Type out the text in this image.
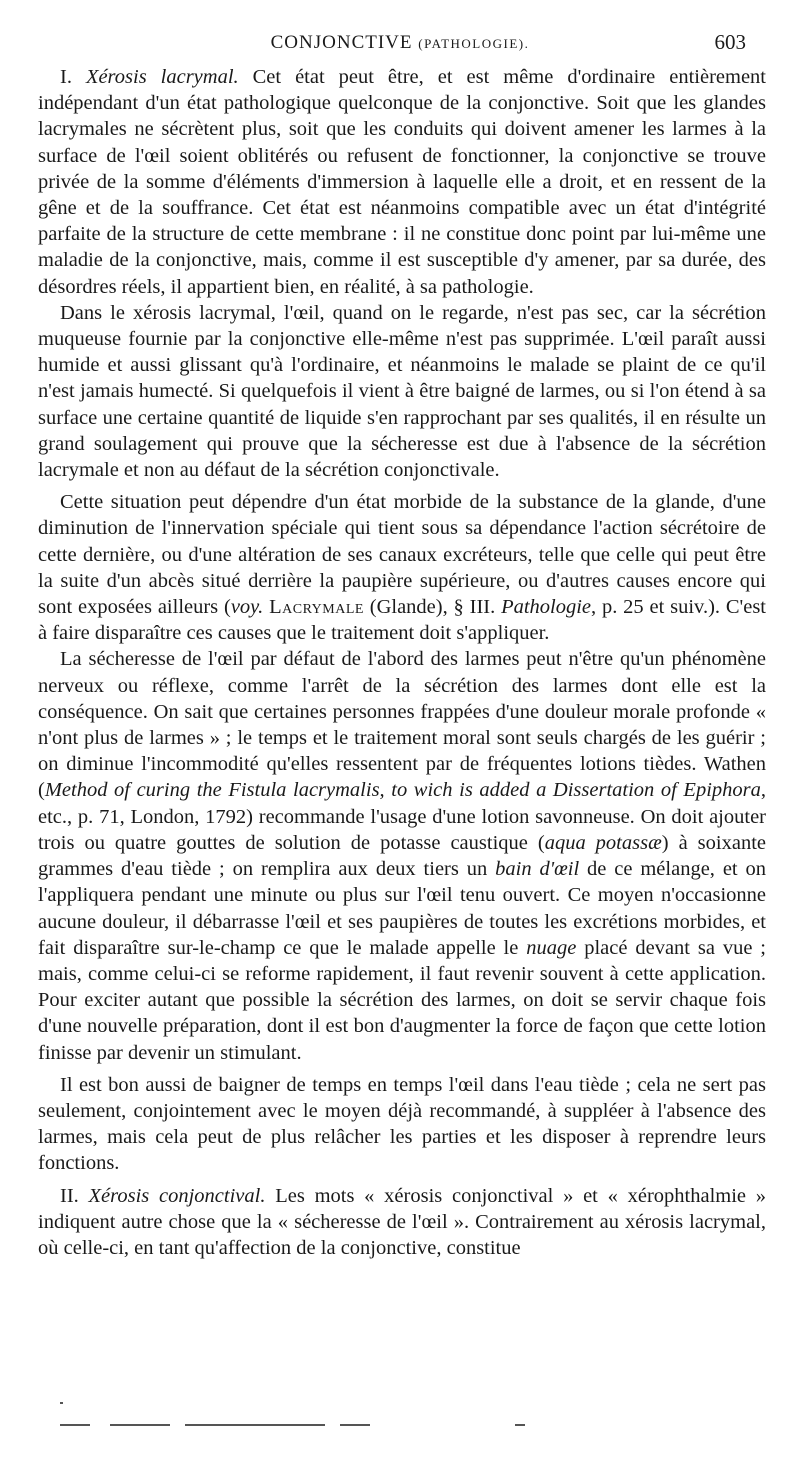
CONJONCTIVE (PATHOLOGIE).	603

I. Xérosis lacrymal. Cet état peut être, et est même d'ordinaire entièrement indépendant d'un état pathologique quelconque de la conjonctive. Soit que les glandes lacrymales ne sécrètent plus, soit que les conduits qui doivent amener les larmes à la surface de l'œil soient oblitérés ou refusent de fonctionner, la conjonctive se trouve privée de la somme d'éléments d'immersion à laquelle elle a droit, et en ressent de la gêne et de la souffrance. Cet état est néanmoins compatible avec un état d'intégrité parfaite de la structure de cette membrane : il ne constitue donc point par lui-même une maladie de la conjonctive, mais, comme il est susceptible d'y amener, par sa durée, des désordres réels, il appartient bien, en réalité, à sa pathologie.

Dans le xérosis lacrymal, l'œil, quand on le regarde, n'est pas sec, car la sécrétion muqueuse fournie par la conjonctive elle-même n'est pas supprimée. L'œil paraît aussi humide et aussi glissant qu'à l'ordinaire, et néanmoins le malade se plaint de ce qu'il n'est jamais humecté. Si quelquefois il vient à être baigné de larmes, ou si l'on étend à sa surface une certaine quantité de liquide s'en rapprochant par ses qualités, il en résulte un grand soulagement qui prouve que la sécheresse est due à l'absence de la sécrétion lacrymale et non au défaut de la sécrétion conjonctivale.

Cette situation peut dépendre d'un état morbide de la substance de la glande, d'une diminution de l'innervation spéciale qui tient sous sa dépendance l'action sécrétoire de cette dernière, ou d'une altération de ses canaux excréteurs, telle que celle qui peut être la suite d'un abcès situé derrière la paupière supérieure, ou d'autres causes encore qui sont exposées ailleurs (voy. Lacrymale (Glande), § III. Pathologie, p. 25 et suiv.). C'est à faire disparaître ces causes que le traitement doit s'appliquer.

La sécheresse de l'œil par défaut de l'abord des larmes peut n'être qu'un phénomène nerveux ou réflexe, comme l'arrêt de la sécrétion des larmes dont elle est la conséquence. On sait que certaines personnes frappées d'une douleur morale profonde « n'ont plus de larmes » ; le temps et le traitement moral sont seuls chargés de les guérir ; on diminue l'incommodité qu'elles ressentent par de fréquentes lotions tièdes. Wathen (Method of curing the Fistula lacrymalis, to wich is added a Dissertation of Epiphora, etc., p. 71, London, 1792) recommande l'usage d'une lotion savonneuse. On doit ajouter trois ou quatre gouttes de solution de potasse caustique (aqua potassæ) à soixante grammes d'eau tiède ; on remplira aux deux tiers un bain d'œil de ce mélange, et on l'appliquera pendant une minute ou plus sur l'œil tenu ouvert. Ce moyen n'occasionne aucune douleur, il débarrasse l'œil et ses paupières de toutes les excrétions morbides, et fait disparaître sur-le-champ ce que le malade appelle le nuage placé devant sa vue ; mais, comme celui-ci se reforme rapidement, il faut revenir souvent à cette application. Pour exciter autant que possible la sécrétion des larmes, on doit se servir chaque fois d'une nouvelle préparation, dont il est bon d'augmenter la force de façon que cette lotion finisse par devenir un stimulant.

Il est bon aussi de baigner de temps en temps l'œil dans l'eau tiède ; cela ne sert pas seulement, conjointement avec le moyen déjà recommandé, à suppléer à l'absence des larmes, mais cela peut de plus relâcher les parties et les disposer à reprendre leurs fonctions.

II. Xérosis conjonctival. Les mots « xérosis conjonctival » et « xérophthalmie » indiquent autre chose que la « sécheresse de l'œil ». Contrairement au xérosis lacrymal, où celle-ci, en tant qu'affection de la conjonctive, constitue
